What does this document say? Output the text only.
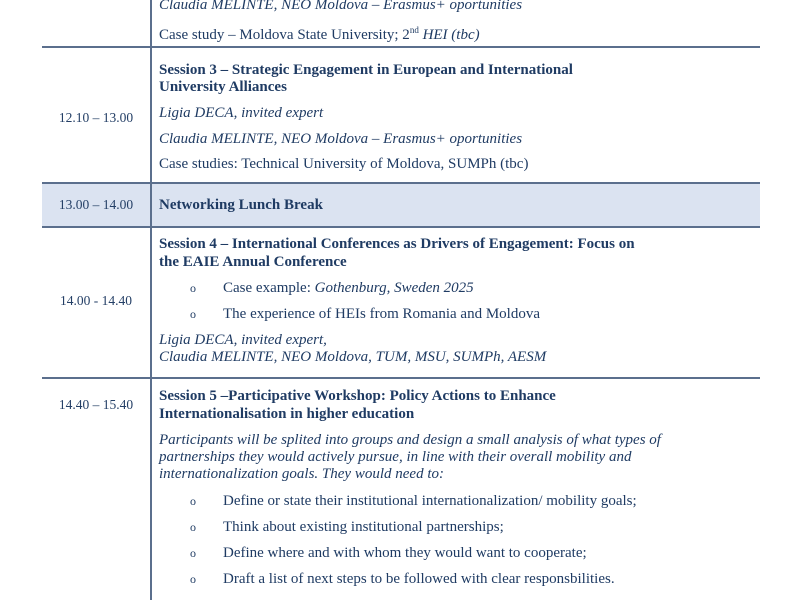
Claudia MELINTE, NEO Moldova – Erasmus+ oportunities
Case study – Moldova State University; 2nd HEI (tbc)
12.10 – 13.00
Session 3 – Strategic Engagement in European and International
University Alliances
Ligia DECA, invited expert
Claudia MELINTE, NEO Moldova – Erasmus+ oportunities
Case studies: Technical University of Moldova, SUMPh (tbc)
13.00 – 14.00	Networking Lunch Break
14.00 - 14.40
Session 4 – International Conferences as Drivers of Engagement: Focus on
the EAIE Annual Conference
o Case example: Gothenburg, Sweden 2025
o The experience of HEIs from Romania and Moldova
Ligia DECA, invited expert,
Claudia MELINTE, NEO Moldova, TUM, MSU, SUMPh, AESM
14.40 – 15.40
Session 5 –Participative Workshop: Policy Actions to Enhance
Internationalisation in higher education
Participants will be splited into groups and design a small analysis of what types of
partnerships they would actively pursue, in line with their overall mobility and
internationalization goals. They would need to:
o Define or state their institutional internationalization/ mobility goals;
o Think about existing institutional partnerships;
o Define where and with whom they would want to cooperate;
o Draft a list of next steps to be followed with clear responsbilities.
